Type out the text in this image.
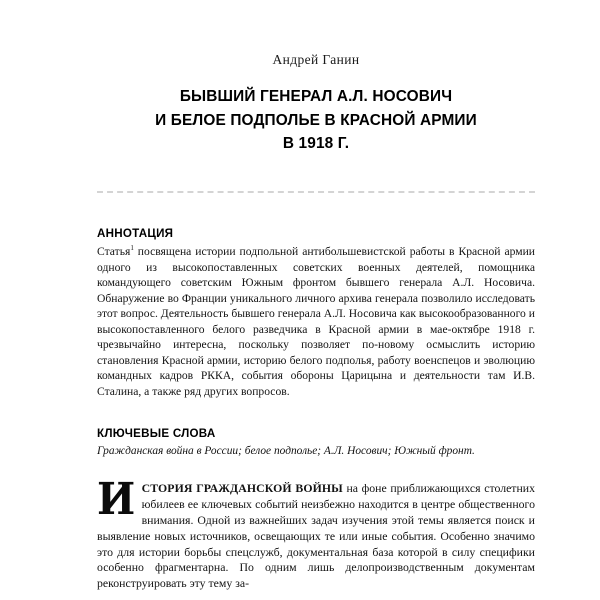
Андрей Ганин
БЫВШИЙ ГЕНЕРАЛ А.Л. НОСОВИЧ
И БЕЛОЕ ПОДПОЛЬЕ В КРАСНОЙ АРМИИ
В 1918 Г.
АННОТАЦИЯ

Статья$^1$ посвящена истории подпольной антибольшевистской работы в Красной армии одного из высокопоставленных советских военных деятелей, помощника командующего советским Южным фронтом бывшего генерала А.Л. Носовича. Обнаружение во Франции уникального личного архива генерала позволило исследовать этот вопрос. Деятельность бывшего генерала А.Л. Носовича как высокообразованного и высокопоставленного белого разведчика в Красной армии в мае-октябре 1918 г. чрезвычайно интересна, поскольку позволяет по-новому осмыслить историю становления Красной армии, историю белого подполья, работу военспецов и эволюцию командных кадров РККА, события обороны Царицына и деятельности там И.В. Сталина, а также ряд других вопросов.

КЛЮЧЕВЫЕ СЛОВА
Гражданская война в России; белое подполье; А.Л. Носович; Южный фронт.

ИСТОРИЯ ГРАЖДАНСКОЙ ВОЙНЫ на фоне приближающихся столетних юбилеев ее ключевых событий неизбежно находится в центре общественного внимания. Одной из важнейших задач изучения этой темы является поиск и выявление новых источников, освещающих те или иные события. Особенно значимо это для истории борьбы спецслужб, документальная база которой в силу специфики особенно фрагментарна. По одним лишь делопроизводственным документам реконструировать эту тему за-
